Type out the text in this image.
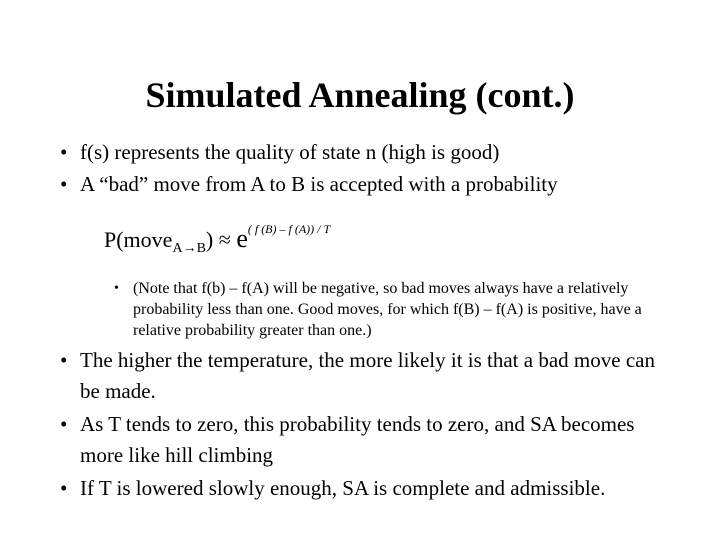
Simulated Annealing (cont.)
• f(s) represents the quality of state n (high is good)
• A “bad” move from A to B is accepted with a probability
P(move$_{A\to B}$) ≈ $e^{( f (B) - f (A)) / T}$
• (Note that f(b) – f(A) will be negative, so bad moves always have a relatively probability less than one. Good moves, for which f(B) – f(A) is positive, have a relative probability greater than one.)
• The higher the temperature, the more likely it is that a bad move can be made.
• As T tends to zero, this probability tends to zero, and SA becomes more like hill climbing
• If T is lowered slowly enough, SA is complete and admissible.
